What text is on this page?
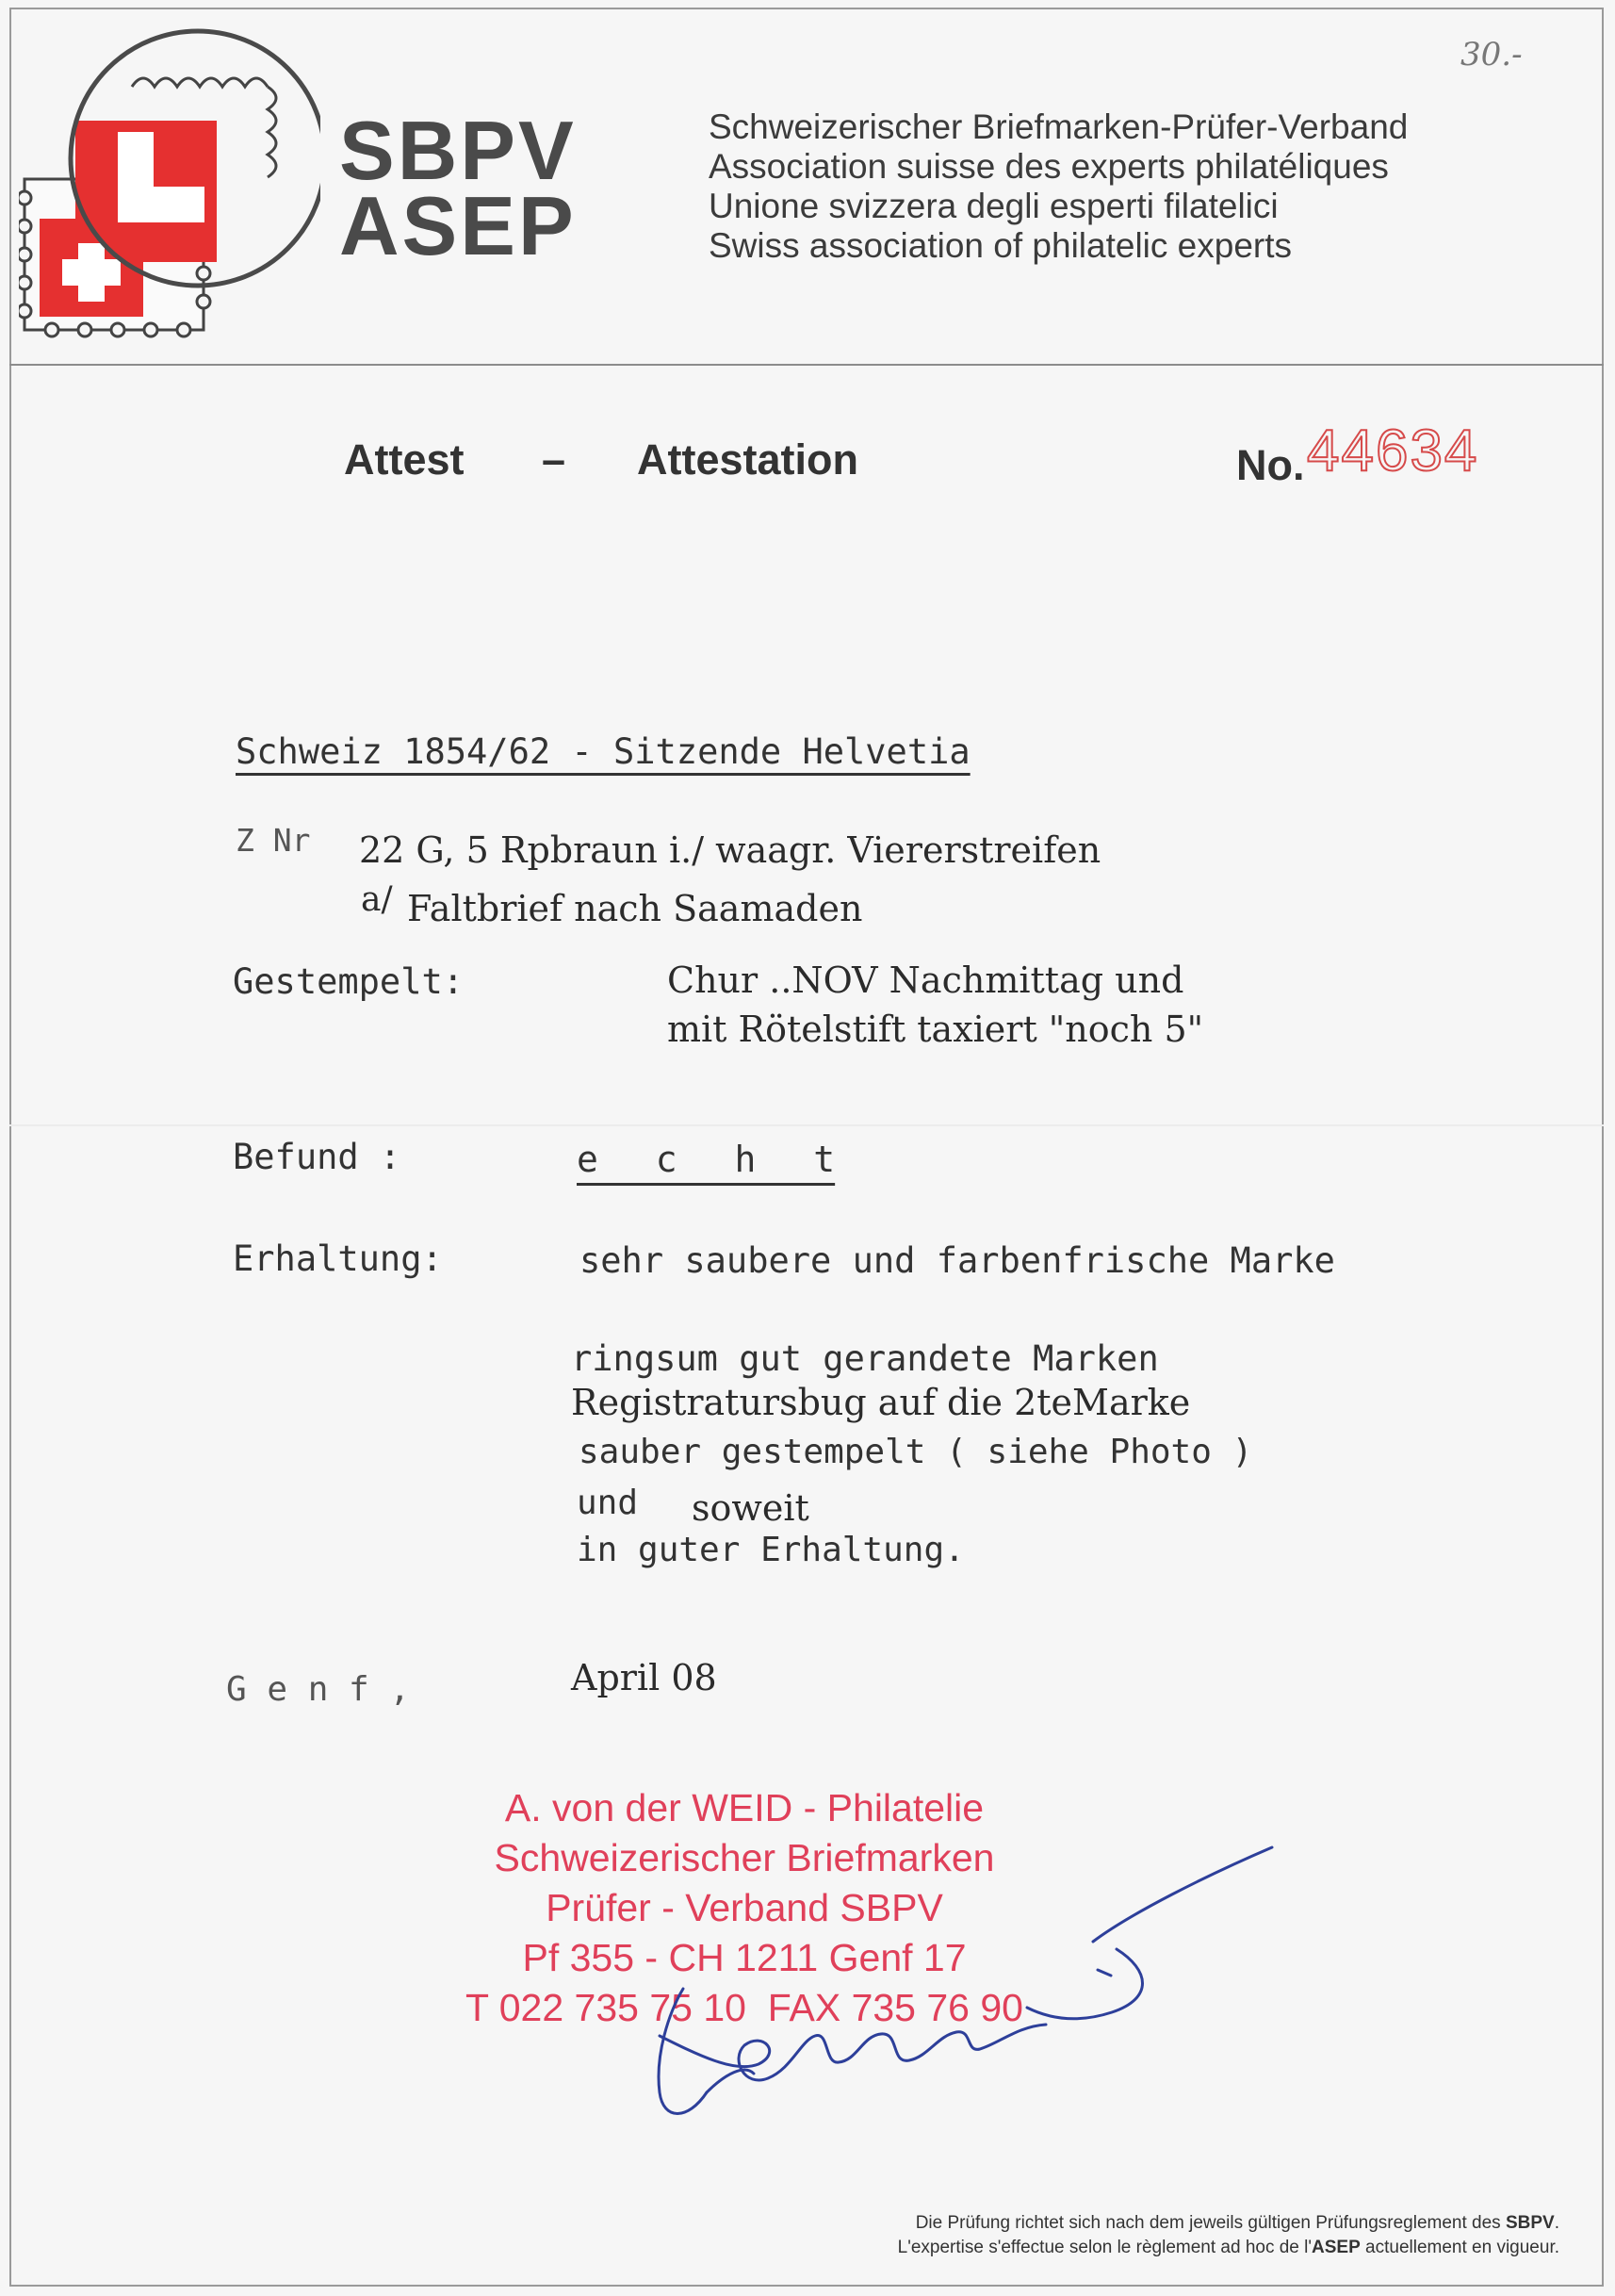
SBPV
ASEP
Schweizerischer Briefmarken-Prüfer-Verband
Association suisse des experts philatéliques
Unione svizzera degli esperti filatelici
Swiss association of philatelic experts
30.-
Attest – Attestation	No. 44634
Schweiz 1854/62 - Sitzende Helvetia
Z Nr 22 G, 5 Rpbraun i./ waagr. Viererstreifen
a/ Faltbrief nach Saamaden
Gestempelt:	Chur ..NOV Nachmittag und
mit Rötelstift taxiert "noch 5"
Befund :	e c h t
Erhaltung:	sehr saubere und farbenfrische Marke
ringsum gut gerandete Marken
Registratursbug auf die 2teMarke
sauber gestempelt ( siehe Photo )
und soweit
in guter Erhaltung.
G e n f ,	April 08
A. von der WEID - Philatelie
Schweizerischer Briefmarken
Prüfer - Verband SBPV
Pf 355 - CH 1211 Genf 17
T 022 735 75 10  FAX 735 76 90
Die Prüfung richtet sich nach dem jeweils gültigen Prüfungsreglement des SBPV.
L'expertise s'effectue selon le règlement ad hoc de l'ASEP actuellement en vigueur.
